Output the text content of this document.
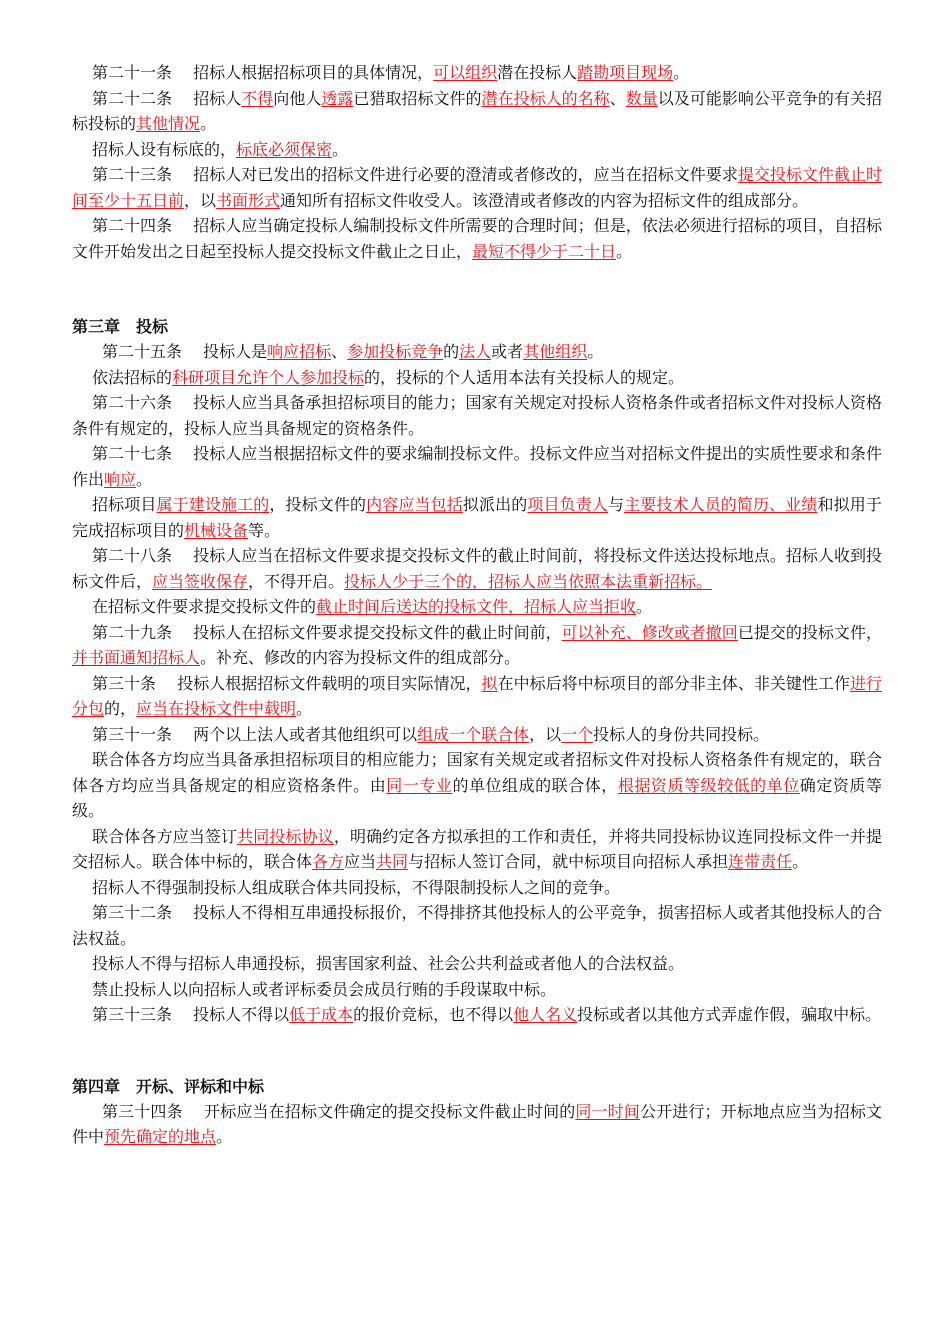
第二十一条　 招标人根据招标项目的具体情况，可以组织潜在投标人踏勘项目现场。

第二十二条　 招标人不得向他人透露已猎取招标文件的潜在投标人的名称、数量以及可能影响公平竞争的有关招标投标的其他情况。

招标人设有标底的，标底必须保密。

第二十三条　 招标人对已发出的招标文件进行必要的澄清或者修改的，应当在招标文件要求提交投标文件截止时间至少十五日前，以书面形式通知所有招标文件收受人。该澄清或者修改的内容为招标文件的组成部分。

第二十四条　 招标人应当确定投标人编制投标文件所需要的合理时间；但是，依法必须进行招标的项目，自招标文件开始发出之日起至投标人提交投标文件截止之日止，最短不得少于二十日。

第三章　投标

第二十五条　 投标人是响应招标、参加投标竞争的法人或者其他组织。

依法招标的科研项目允许个人参加投标的，投标的个人适用本法有关投标人的规定。

第二十六条　 投标人应当具备承担招标项目的能力；国家有关规定对投标人资格条件或者招标文件对投标人资格条件有规定的，投标人应当具备规定的资格条件。

第二十七条　 投标人应当根据招标文件的要求编制投标文件。投标文件应当对招标文件提出的实质性要求和条件作出响应。

招标项目属于建设施工的，投标文件的内容应当包括拟派出的项目负责人与主要技术人员的简历、业绩和拟用于完成招标项目的机械设备等。

第二十八条　 投标人应当在招标文件要求提交投标文件的截止时间前，将投标文件送达投标地点。招标人收到投标文件后，应当签收保存，不得开启。投标人少于三个的，招标人应当依照本法重新招标。

在招标文件要求提交投标文件的截止时间后送达的投标文件，招标人应当拒收。

第二十九条　 投标人在招标文件要求提交投标文件的截止时间前，可以补充、修改或者撤回已提交的投标文件，并书面通知招标人。补充、修改的内容为投标文件的组成部分。

第三十条　 投标人根据招标文件载明的项目实际情况，拟在中标后将中标项目的部分非主体、非关键性工作进行分包的，应当在投标文件中载明。

第三十一条　 两个以上法人或者其他组织可以组成一个联合体，以一个投标人的身份共同投标。

联合体各方均应当具备承担招标项目的相应能力；国家有关规定或者招标文件对投标人资格条件有规定的，联合体各方均应当具备规定的相应资格条件。由同一专业的单位组成的联合体，根据资质等级较低的单位确定资质等级。

联合体各方应当签订共同投标协议，明确约定各方拟承担的工作和责任，并将共同投标协议连同投标文件一并提交招标人。联合体中标的，联合体各方应当共同与招标人签订合同，就中标项目向招标人承担连带责任。

招标人不得强制投标人组成联合体共同投标，不得限制投标人之间的竞争。

第三十二条　 投标人不得相互串通投标报价，不得排挤其他投标人的公平竞争，损害招标人或者其他投标人的合法权益。

投标人不得与招标人串通投标，损害国家利益、社会公共利益或者他人的合法权益。

禁止投标人以向招标人或者评标委员会成员行贿的手段谋取中标。

第三十三条　 投标人不得以低于成本的报价竞标，也不得以他人名义投标或者以其他方式弄虚作假，骗取中标。

第四章　开标、评标和中标

第三十四条　 开标应当在招标文件确定的提交投标文件截止时间的同一时间公开进行；开标地点应当为招标文件中预先确定的地点。
